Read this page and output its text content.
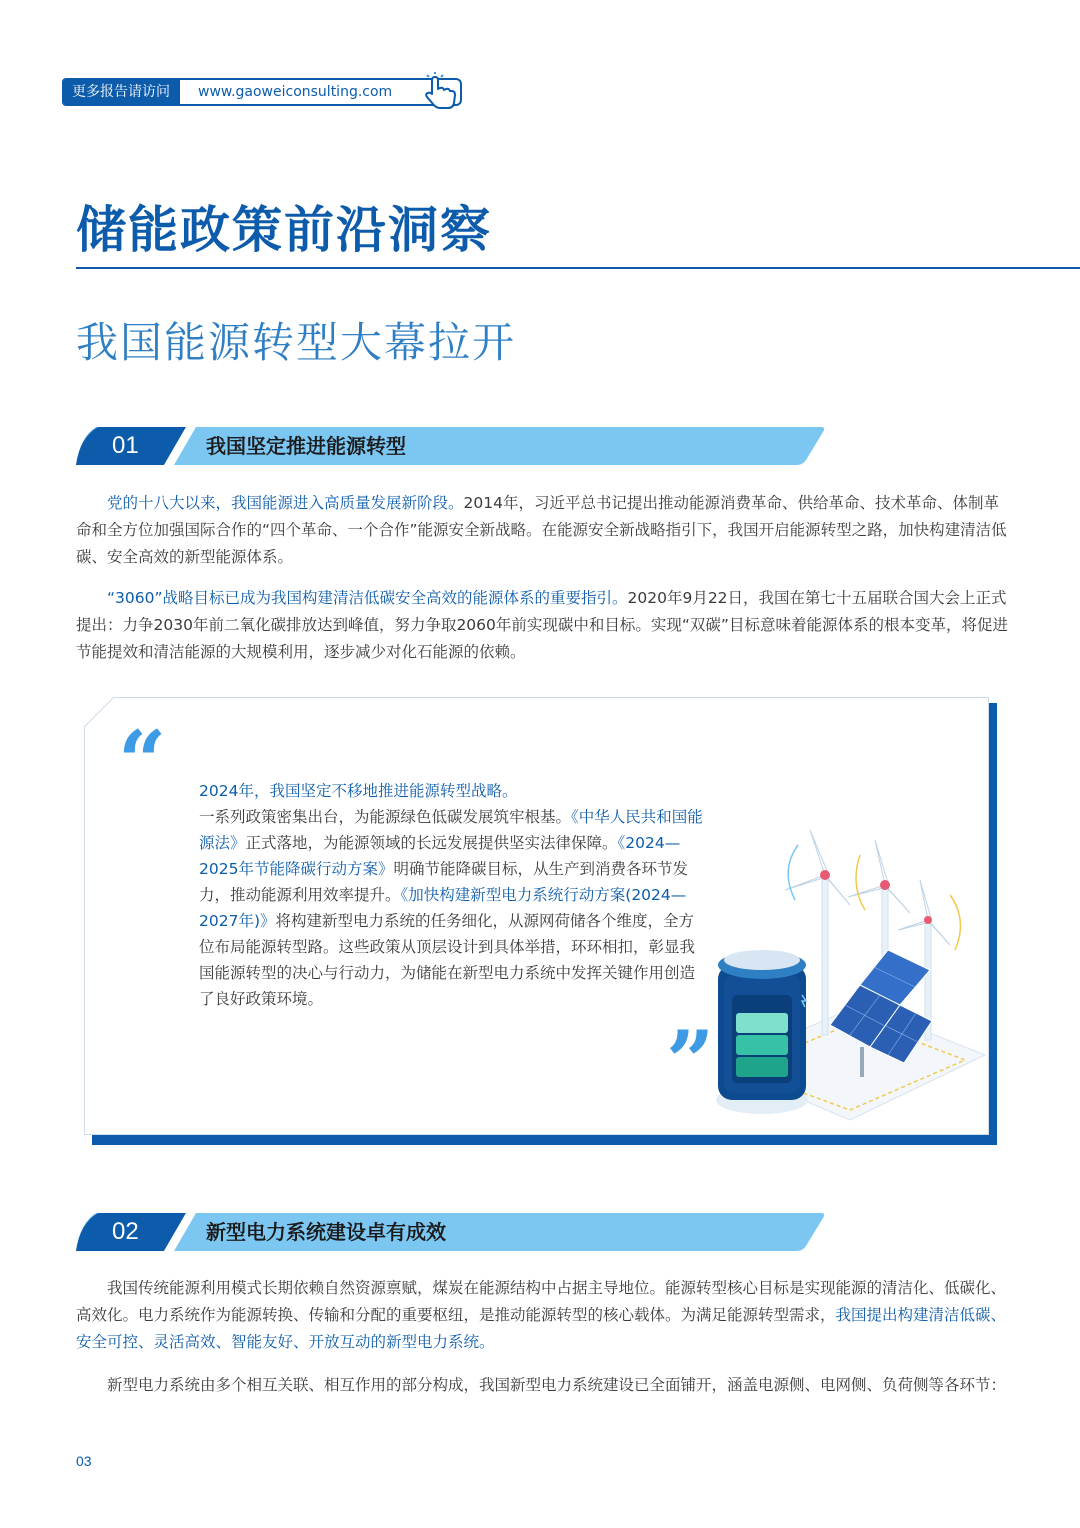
更多报告请访问	www.gaoweiconsulting.com
储能政策前沿洞察
我国能源转型大幕拉开
01	我国坚定推进能源转型

党的十八大以来，我国能源进入高质量发展新阶段。2014年，习近平总书记提出推动能源消费革命、供给革命、技术革命、体制革命和全方位加强国际合作的“四个革命、一个合作”能源安全新战略。在能源安全新战略指引下，我国开启能源转型之路，加快构建清洁低碳、安全高效的新型能源体系。

“3060”战略目标已成为我国构建清洁低碳安全高效的能源体系的重要指引。2020年9月22日，我国在第七十五届联合国大会上正式提出：力争2030年前二氧化碳排放达到峰值，努力争取2060年前实现碳中和目标。实现“双碳”目标意味着能源体系的根本变革，将促进节能提效和清洁能源的大规模利用，逐步减少对化石能源的依赖。

“
”
2024年，我国坚定不移地推进能源转型战略。
一系列政策密集出台，为能源绿色低碳发展筑牢根基。《中华人民共和国能源法》正式落地，为能源领域的长远发展提供坚实法律保障。《2024—2025年节能降碳行动方案》明确节能降碳目标，从生产到消费各环节发力，推动能源利用效率提升。《加快构建新型电力系统行动方案(2024—2027年)》将构建新型电力系统的任务细化，从源网荷储各个维度，全方位布局能源转型路。这些政策从顶层设计到具体举措，环环相扣，彰显我国能源转型的决心与行动力，为储能在新型电力系统中发挥关键作用创造了良好政策环境。
02	新型电力系统建设卓有成效

我国传统能源利用模式长期依赖自然资源禀赋，煤炭在能源结构中占据主导地位。能源转型核心目标是实现能源的清洁化、低碳化、高效化。电力系统作为能源转换、传输和分配的重要枢纽，是推动能源转型的核心载体。为满足能源转型需求，我国提出构建清洁低碳、安全可控、灵活高效、智能友好、开放互动的新型电力系统。

新型电力系统由多个相互关联、相互作用的部分构成，我国新型电力系统建设已全面铺开，涵盖电源侧、电网侧、负荷侧等各环节：

03
